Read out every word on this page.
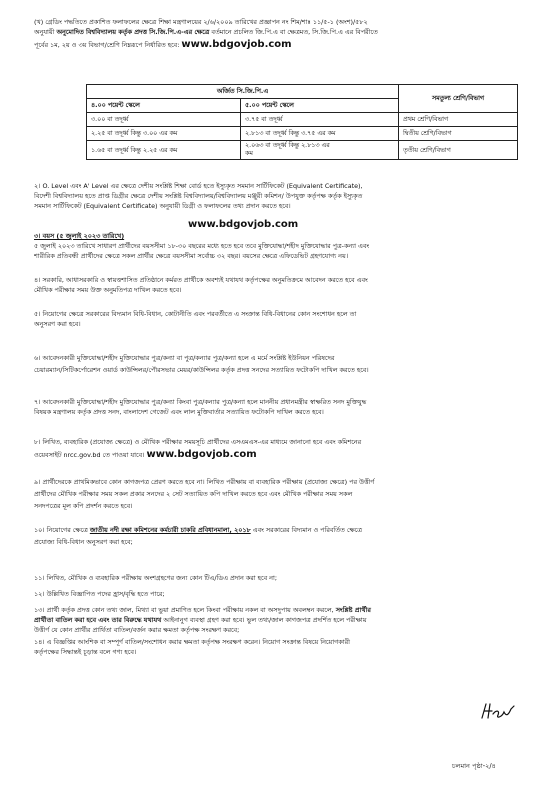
(খ) গ্রেডিং পদ্ধতিতে প্রকাশিত ফলাফলের ক্ষেত্রে শিক্ষা মন্ত্রণালয়ের ২/৬/২০০৯ তারিখের প্রজ্ঞাপন নং শিম/শাঃ ১১/৫-১ (অংশ)/৫৮২
অনুযায়ী অনুমোদিত বিশ্ববিদ্যালয় কর্তৃক প্রদত্ত সি.জি.পি.এ-এর ক্ষেত্রে বর্তমানে প্রচলিত জি.পি.এ বা ক্ষেত্রমত, সি.জি.পি.এ এর বিপরীতে
পূর্বের ১ম, ২য় ও ৩য় বিভাগ/শ্রেণি নিম্নরূপে নির্ধারিত হবে: www.bdgovjob.com
অর্জিত সি.জি.পি.এ		সমতুল্য শ্রেণি/বিভাগ
৪.০০ পয়েন্ট স্কেলে	৫.০০ পয়েন্ট স্কেলে	
৩.০০ বা তদূর্ধ্ব	৩.৭৫ বা তদূর্ধ্ব	প্রথম শ্রেণি/বিভাগ
২.২৫ বা তদূর্ধ্ব কিন্তু ৩.০০ এর কম	২.৮১৩ বা তদূর্ধ্ব কিন্তু ৩.৭৫ এর কম	দ্বিতীয় শ্রেণি/বিভাগ
১.৬৫ বা তদূর্ধ্ব কিন্তু ২.২৫ এর কম	২.০৬৩ বা তদূর্ধ্ব কিন্তু ২.৮১৩ এর
কম	তৃতীয় শ্রেণি/বিভাগ
২। O. Level এবং A' Level এর ক্ষেত্রে দেশীয় সংশ্লিষ্ট শিক্ষা বোর্ড হতে ইস্যুকৃত সমমান সার্টিফিকেট (Equivalent Certificate),
বিদেশী বিশ্ববিদ্যালয় হতে প্রাপ্ত ডিগ্রীর ক্ষেত্রে দেশীয় সংশ্লিষ্ট বিশ্ববিদ্যালয়/বিশ্ববিদ্যালয় মঞ্জুরী কমিশন/ উপযুক্ত কর্তৃপক্ষ কর্তৃক ইস্যুকৃত
সমমান সার্টিফিকেট (Equivalent Certificate) অনুযায়ী ডিগ্রী ও ফলাফলের তথ্য প্রদান করতে হবে।
www.bdgovjob.com
৩। বয়স (৫ জুলাই ২০২৩ তারিখে)
৫ জুলাই ২০২৩ তারিখে সাধারণ প্রার্থীদের বয়সসীমা ১৮-৩০ বছরের মধ্যে হতে হবে তবে মুক্তিযোদ্ধা/শহীদ মুক্তিযোদ্ধার পুত্র-কন্যা এবং
শারীরিক প্রতিবন্ধী প্রার্থীদের ক্ষেত্রে সকল প্রার্থীর ক্ষেত্রে বয়সসীমা সর্বোচ্চ ৩২ বছর। বয়সের ক্ষেত্রে এফিডেভিট গ্রহণযোগ্য নয়।
৪। সরকারি, আধাসরকারি ও স্বায়ত্তশাসিত প্রতিষ্ঠানে কর্মরত প্রার্থীকে অবশ্যই যথাযথ কর্তৃপক্ষের অনুমতিক্রমে আবেদন করতে হবে এবং
মৌখিক পরীক্ষার সময় উক্ত অনুমতিপত্র দাখিল করতে হবে।
৫। নিয়োগের ক্ষেত্রে সরকারের বিদ্যমান বিধি-বিধান, কোটানীতি এবং পরবর্তীতে এ সংক্রান্ত বিধি-বিধানের কোন সংশোধন হলে তা
অনুসরণ করা হবে।
৬। আবেদনকারী মুক্তিযোদ্ধা/শহীদ মুক্তিযোদ্ধার পুত্র/কন্যা বা পুত্র/কন্যার পুত্র/কন্যা হলে এ মর্মে সংশ্লিষ্ট ইউনিয়ন পরিষদের
চেয়ারম্যান/সিটিকর্পোরেশন ওয়ার্ড কাউন্সিলর/পৌরসভার মেয়র/কাউন্সিলর কর্তৃক প্রদত্ত সনদের সত্যায়িত ফটোকপি দাখিল করতে হবে।
৭। আবেদনকারী মুক্তিযোদ্ধা/শহীদ মুক্তিযোদ্ধার পুত্র/কন্যা কিংবা পুত্র/কন্যার পুত্র/কন্যা হলে মাননীয় প্রধানমন্ত্রীর স্বাক্ষরিত সনদ মুক্তিযুদ্ধ
বিষয়ক মন্ত্রণালয় কর্তৃক প্রদত্ত সনদ, বাংলাদেশ গেজেট এবং লাল মুক্তিবার্তার সত্যায়িত ফটোকপি দাখিল করতে হবে।
৮। লিখিত, ব্যবহারিক (প্রযোজ্য ক্ষেত্রে) ও মৌখিক পরীক্ষার সময়সূচি প্রার্থীদের এসএমএস-এর মাধ্যমে জানানো হবে এবং কমিশনের
ওয়েবসাইট nrcc.gov.bd তে পাওয়া যাবে। www.bdgovjob.com
৯। প্রার্থীদেরকে প্রাথমিকভাবে কোন কাগজপত্র প্রেরণ করতে হবে না। লিখিত পরীক্ষায় বা ব্যবহারিক পরীক্ষায় (প্রযোজ্য ক্ষেত্রে) পর উত্তীর্ণ
প্রার্থীদের মৌখিক পরীক্ষার সময় সকল প্রকার সনদের ২ সেট সত্যায়িত কপি দাখিল করতে হবে এবং মৌখিক পরীক্ষার সময় সকল
সনদপত্রের মূল কপি প্রদর্শন করতে হবে।
১০। নিয়োগের ক্ষেত্রে জাতীয় নদী রক্ষা কমিশনের কর্মচারী চাকরি প্রবিধানমালা, ২০১৮ এবং সরকারের বিদ্যমান ও পরিবর্তিত ক্ষেত্রে
প্রযোজ্য বিধি-বিধান অনুসরণ করা হবে;
১১। লিখিত, মৌখিক ও ব্যবহারিক পরীক্ষায় অংশগ্রহণের জন্য কোন টিএ/ডিএ প্রদান করা হবে না;
১২। উল্লিখিত বিজ্ঞাপিত পদের হ্রাস/বৃদ্ধি হতে পারে;
১৩। প্রার্থী কর্তৃক প্রদত্ত কোন তথ্য জাল, মিথ্যা বা ভুয়া প্রমাণিত হলে কিংবা পরীক্ষায় নকল বা অসদুপায় অবলম্বন করলে, সংশ্লিষ্ট প্রার্থীর
প্রার্থীতা বাতিল করা হবে এবং তার বিরুদ্ধে যথাযথ আইনানুগ ব্যবস্থা গ্রহণ করা হবে। ভুল তথ্য/জাল কাগজপত্র প্রদর্শিত হলে পরীক্ষায়
উত্তীর্ণ যে কোন প্রার্থীর প্রার্থিতা বাতিল/বর্জন করার ক্ষমতা কর্তৃপক্ষ সংরক্ষণ করবে;
১৪। এ বিজ্ঞপ্তির আংশিক বা সম্পূর্ণ বাতিল/সংশোধন করার ক্ষমতা কর্তৃপক্ষ সংরক্ষণ করেন। নিয়োগ সংক্রান্ত বিষয়ে নিয়োগকারী
কর্তৃপক্ষের সিদ্ধান্তই চূড়ান্ত বলে গণ্য হবে।
চলমান পৃষ্ঠা-২/৪
